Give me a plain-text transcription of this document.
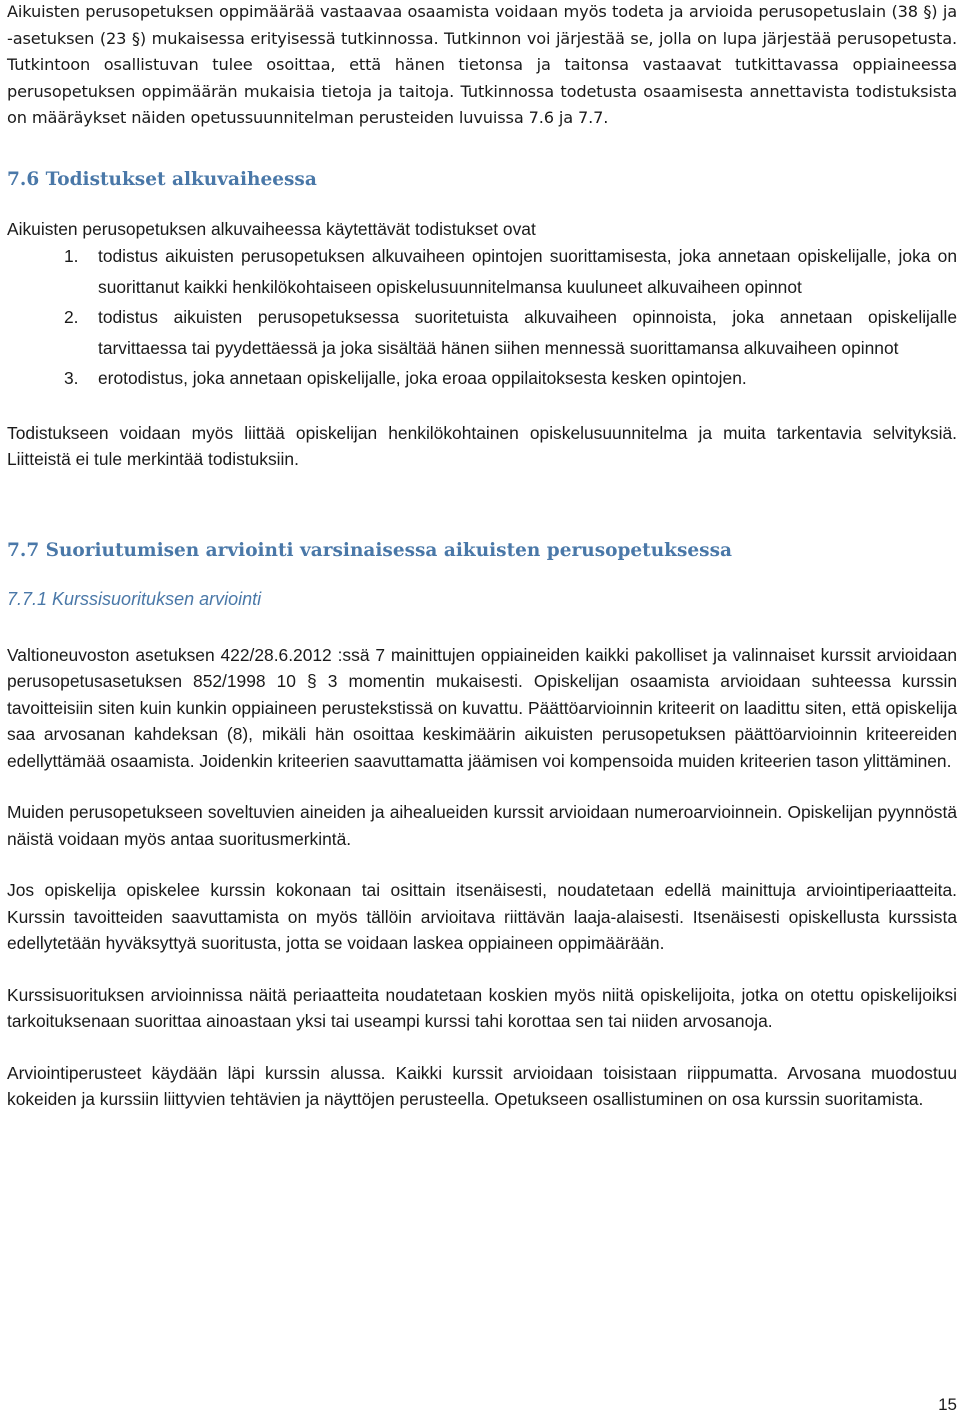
Aikuisten perusopetuksen oppimäärää vastaavaa osaamista voidaan myös todeta ja arvioida perusopetuslain (38 §) ja -asetuksen (23 §) mukaisessa erityisessä tutkinnossa. Tutkinnon voi järjestää se, jolla on lupa järjestää perusopetusta. Tutkintoon osallistuvan tulee osoittaa, että hänen tietonsa ja taitonsa vastaavat tutkittavassa oppiaineessa perusopetuksen oppimäärän mukaisia tietoja ja taitoja. Tutkinnossa todetusta osaamisesta annettavista todistuksista on määräykset näiden opetussuunnitelman perusteiden luvuissa 7.6 ja 7.7.

7.6 Todistukset alkuvaiheessa

Aikuisten perusopetuksen alkuvaiheessa käytettävät todistukset ovat

1. todistus aikuisten perusopetuksen alkuvaiheen opintojen suorittamisesta, joka annetaan opiskelijalle, joka on suorittanut kaikki henkilökohtaiseen opiskelusuunnitelmansa kuuluneet alkuvaiheen opinnot
2. todistus aikuisten perusopetuksessa suoritetuista alkuvaiheen opinnoista, joka annetaan opiskelijalle tarvittaessa tai pyydettäessä ja joka sisältää hänen siihen mennessä suorittamansa alkuvaiheen opinnot
3. erotodistus, joka annetaan opiskelijalle, joka eroaa oppilaitoksesta kesken opintojen.

Todistukseen voidaan myös liittää opiskelijan henkilökohtainen opiskelusuunnitelma ja muita tarkentavia selvityksiä. Liitteistä ei tule merkintää todistuksiin.

7.7 Suoriutumisen arviointi varsinaisessa aikuisten perusopetuksessa
7.7.1 Kurssisuorituksen arviointi

Valtioneuvoston asetuksen 422/28.6.2012 :ssä 7 mainittujen oppiaineiden kaikki pakolliset ja valinnaiset kurssit arvioidaan perusopetusasetuksen 852/1998 10 § 3 momentin mukaisesti. Opiskelijan osaamista arvioidaan suhteessa kurssin tavoitteisiin siten kuin kunkin oppiaineen perustekstissä on kuvattu. Päättöarvioinnin kriteerit on laadittu siten, että opiskelija saa arvosanan kahdeksan (8), mikäli hän osoittaa keskimäärin aikuisten perusopetuksen päättöarvioinnin kriteereiden edellyttämää osaamista. Joidenkin kriteerien saavuttamatta jäämisen voi kompensoida muiden kriteerien tason ylittäminen.

Muiden perusopetukseen soveltuvien aineiden ja aihealueiden kurssit arvioidaan numeroarvioinnein. Opiskelijan pyynnöstä näistä voidaan myös antaa suoritusmerkintä.

Jos opiskelija opiskelee kurssin kokonaan tai osittain itsenäisesti, noudatetaan edellä mainittuja arviointiperiaatteita. Kurssin tavoitteiden saavuttamista on myös tällöin arvioitava riittävän laaja-alaisesti. Itsenäisesti opiskellusta kurssista edellytetään hyväksyttyä suoritusta, jotta se voidaan laskea oppiaineen oppimäärään.

Kurssisuorituksen arvioinnissa näitä periaatteita noudatetaan koskien myös niitä opiskelijoita, jotka on otettu opiskelijoiksi tarkoituksenaan suorittaa ainoastaan yksi tai useampi kurssi tahi korottaa sen tai niiden arvosanoja.

Arviointiperusteet käydään läpi kurssin alussa. Kaikki kurssit arvioidaan toisistaan riippumatta. Arvosana muodostuu kokeiden ja kurssiin liittyvien tehtävien ja näyttöjen perusteella. Opetukseen osallistuminen on osa kurssin suoritamista.

15
